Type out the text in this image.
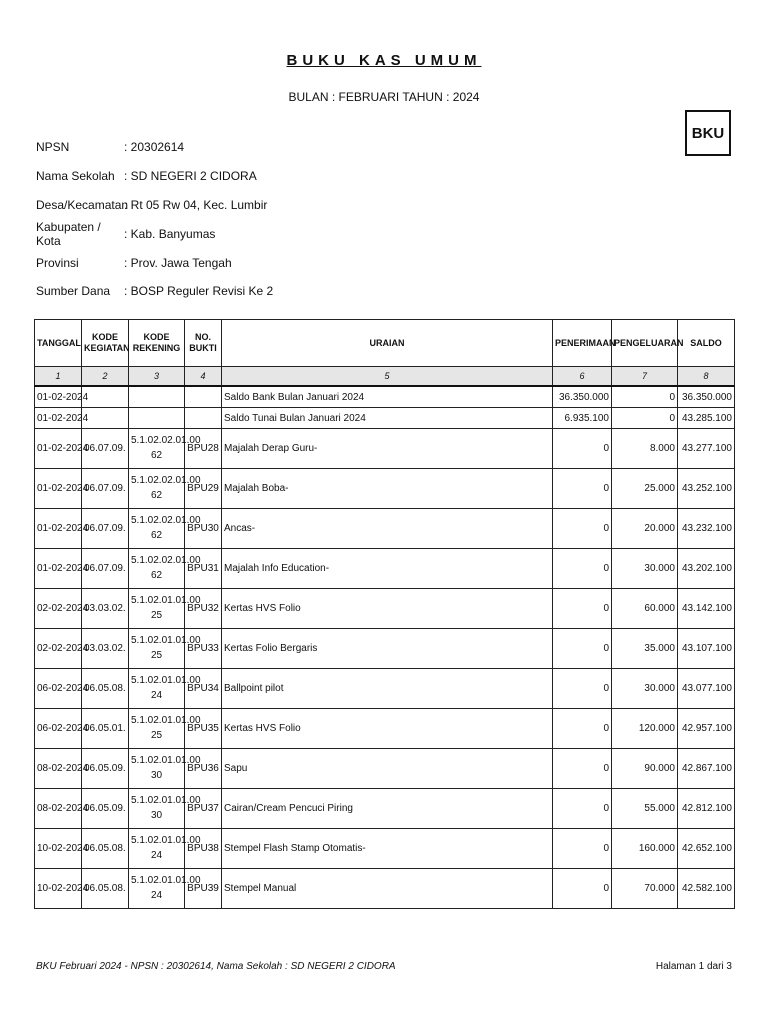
BUKU KAS UMUM
BULAN : FEBRUARI TAHUN : 2024
BKU
NPSN	: 20302614
Nama Sekolah : SD NEGERI 2 CIDORA
Desa/Kecamatan
: Rt 05 Rw 04, Kec. Lumbir
Kabupaten / Kota	: Kab. Banyumas
Provinsi	: Prov. Jawa Tengah
Sumber Dana	: BOSP Reguler Revisi Ke 2
TANGGAL	KODE KEGIATAN	KODE REKENING	NO. BUKTI	URAIAN	PENERIMAAN	PENGELUARAN	SALDO
1	2	3	4	5	6	7	8
01-02-2024				Saldo Bank Bulan Januari 2024	36.350.000	0	36.350.000
01-02-2024				Saldo Tunai Bulan Januari 2024	6.935.100	0	43.285.100
01-02-2024	06.07.09.	5.1.02.02.01.00 62	BPU28	Majalah Derap Guru-	0	8.000	43.277.100
01-02-2024	06.07.09.	5.1.02.02.01.00 62	BPU29	Majalah Boba-	0	25.000	43.252.100
01-02-2024	06.07.09.	5.1.02.02.01.00 62	BPU30	Ancas-	0	20.000	43.232.100
01-02-2024	06.07.09.	5.1.02.02.01.00 62	BPU31	Majalah Info Education-	0	30.000	43.202.100
02-02-2024	03.03.02.	5.1.02.01.01.00 25	BPU32	Kertas HVS Folio	0	60.000	43.142.100
02-02-2024	03.03.02.	5.1.02.01.01.00 25	BPU33	Kertas Folio Bergaris	0	35.000	43.107.100
06-02-2024	06.05.08.	5.1.02.01.01.00 24	BPU34	Ballpoint pilot	0	30.000	43.077.100
06-02-2024	06.05.01.	5.1.02.01.01.00 25	BPU35	Kertas HVS Folio	0	120.000	42.957.100
08-02-2024	06.05.09.	5.1.02.01.01.00 30	BPU36	Sapu	0	90.000	42.867.100
08-02-2024	06.05.09.	5.1.02.01.01.00 30	BPU37	Cairan/Cream Pencuci Piring	0	55.000	42.812.100
10-02-2024	06.05.08.	5.1.02.01.01.00 24	BPU38	Stempel Flash Stamp Otomatis-	0	160.000	42.652.100
10-02-2024	06.05.08.	5.1.02.01.01.00 24	BPU39	Stempel Manual	0	70.000	42.582.100
BKU Februari 2024 - NPSN : 20302614, Nama Sekolah : SD NEGERI 2 CIDORA	Halaman 1 dari 3
